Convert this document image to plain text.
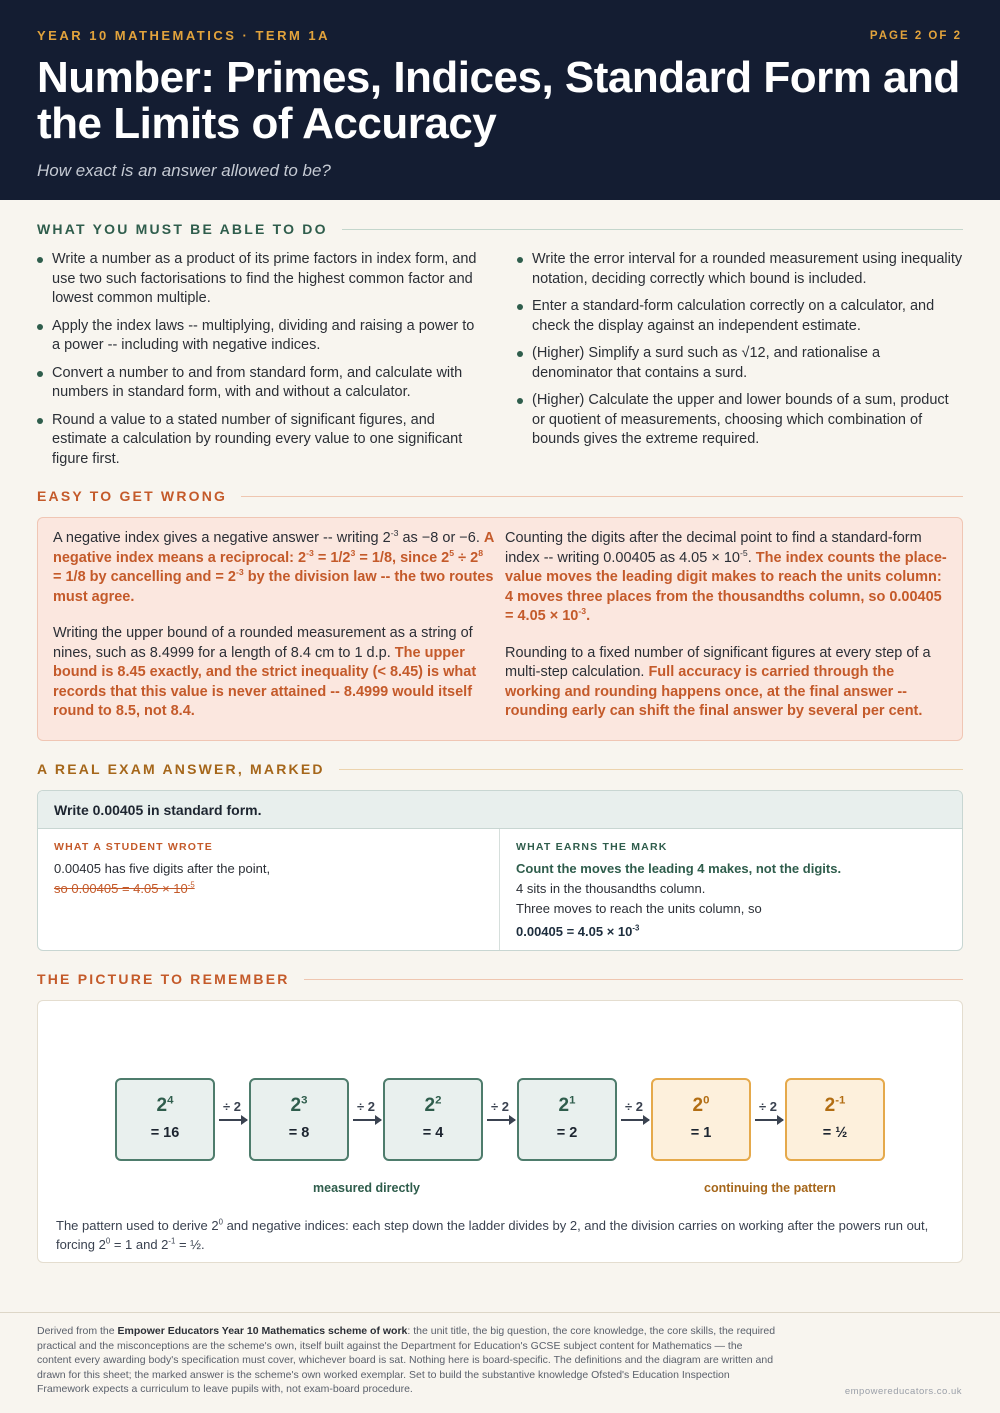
YEAR 10 MATHEMATICS · TERM 1A	PAGE 2 OF 2
Number: Primes, Indices, Standard Form and the Limits of Accuracy
How exact is an answer allowed to be?
WHAT YOU MUST BE ABLE TO DO
Write a number as a product of its prime factors in index form, and use two such factorisations to find the highest common factor and lowest common multiple.
Apply the index laws -- multiplying, dividing and raising a power to a power -- including with negative indices.
Convert a number to and from standard form, and calculate with numbers in standard form, with and without a calculator.
Round a value to a stated number of significant figures, and estimate a calculation by rounding every value to one significant figure first.
Write the error interval for a rounded measurement using inequality notation, deciding correctly which bound is included.
Enter a standard-form calculation correctly on a calculator, and check the display against an independent estimate.
(Higher) Simplify a surd such as √12, and rationalise a denominator that contains a surd.
(Higher) Calculate the upper and lower bounds of a sum, product or quotient of measurements, choosing which combination of bounds gives the extreme required.
EASY TO GET WRONG

A negative index gives a negative answer -- writing $2^{-3}$ as −8 or −6. A negative index means a reciprocal: $2^{-3} = 1/2^3 = 1/8$, since $2^5 \div 2^8 = 1/8$ by cancelling and = $2^{-3}$ by the division law -- the two routes must agree.

Writing the upper bound of a rounded measurement as a string of nines, such as 8.4999 for a length of 8.4 cm to 1 d.p. The upper bound is 8.45 exactly, and the strict inequality (< 8.45) is what records that this value is never attained -- 8.4999 would itself round to 8.5, not 8.4.

Counting the digits after the decimal point to find a standard-form index -- writing 0.00405 as $4.05 \times 10^{-5}$. The index counts the place-value moves the leading digit makes to reach the units column: 4 moves three places from the thousandths column, so $0.00405 = 4.05 \times 10^{-3}$.

Rounding to a fixed number of significant figures at every step of a multi-step calculation. Full accuracy is carried through the working and rounding happens once, at the final answer -- rounding early can shift the final answer by several per cent.

A REAL EXAM ANSWER, MARKED
Write 0.00405 in standard form.
WHAT A STUDENT WROTE
0.00405 has five digits after the point,
so $0.00405 = 4.05 \times 10^{-5}$
WHAT EARNS THE MARK
Count the moves the leading 4 makes, not the digits.
4 sits in the thousandths column.
Three moves to reach the units column, so
$0.00405 = 4.05 \times 10^{-3}$
THE PICTURE TO REMEMBER
$2^4$
= 16
÷ 2	$2^3$
= 8
÷ 2	$2^2$
= 4
÷ 2	$2^1$
= 2
÷ 2	$2^0$
= 1
÷ 2	$2^{-1}$
= ½
measured directly	continuing the pattern
The pattern used to derive $2^0$ and negative indices: each step down the ladder divides by 2, and the division carries on working after the powers run out, forcing $2^0 = 1$ and $2^{-1}$ = ½.
Derived from the Empower Educators Year 10 Mathematics scheme of work: the unit title, the big question, the core knowledge, the core skills, the required practical and the misconceptions are the scheme's own, itself built against the Department for Education's GCSE subject content for Mathematics — the content every awarding body's specification must cover, whichever board is sat. Nothing here is board-specific. The definitions and the diagram are written and drawn for this sheet; the marked answer is the scheme's own worked exemplar. Set to build the substantive knowledge Ofsted's Education Inspection Framework expects a curriculum to leave pupils with, not exam-board procedure.	empowereducators.co.uk
